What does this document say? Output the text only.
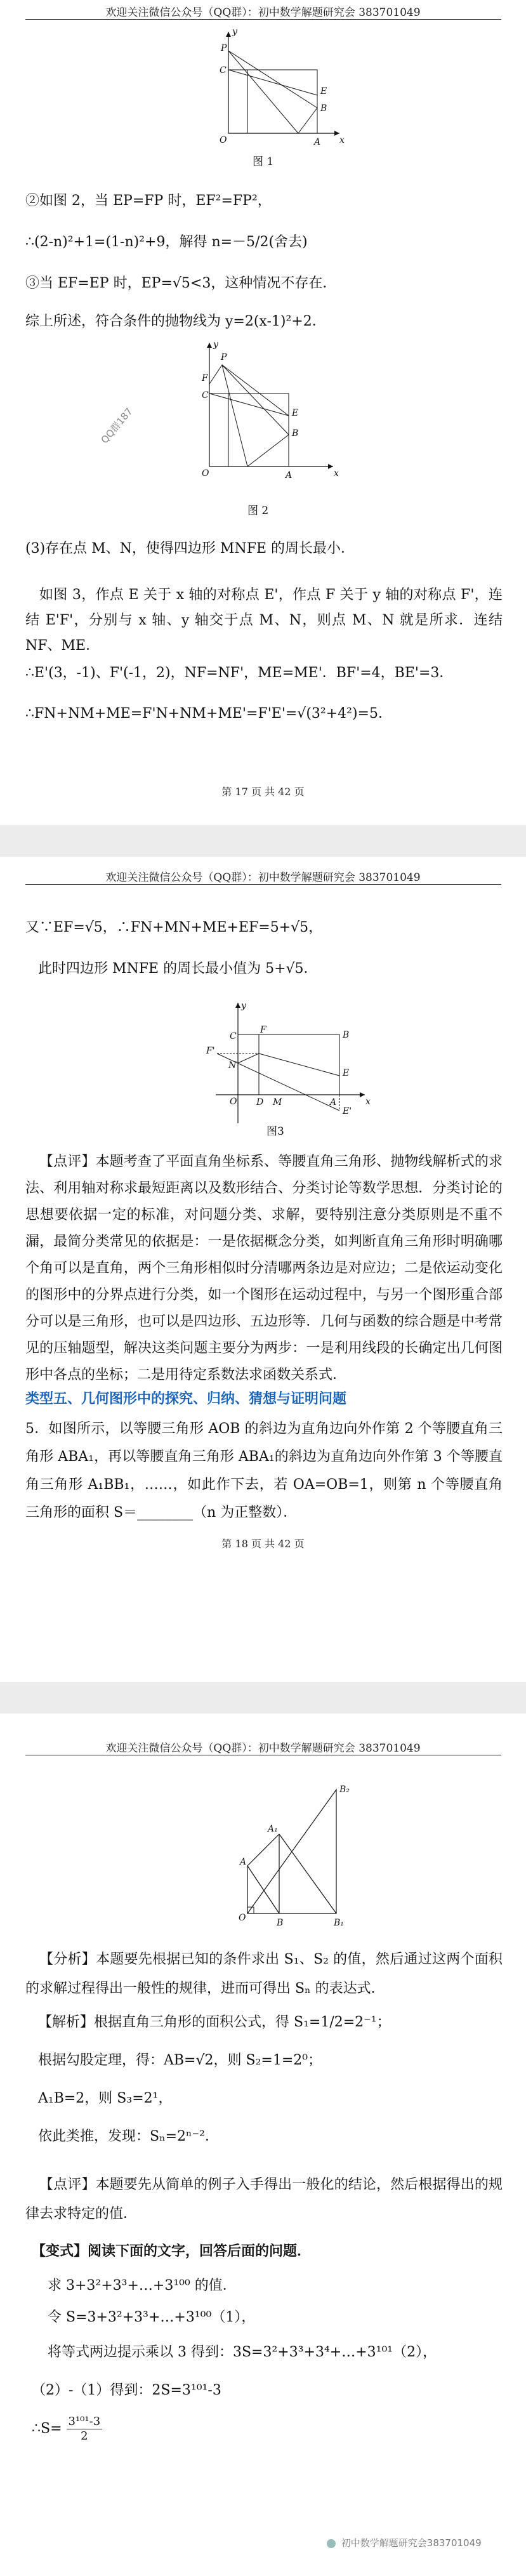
欢迎关注微信公众号（QQ群）：初中数学解题研究会 383701049
P
C
E
B
O	A x
y
图 1
②如图 2，当 EP=FP 时，EF²=FP²，
∴(2-n)²+1=(1-n)²+9，解得 n=－5/2(舍去)
③当 EF=EP 时，EP=√5<3，这种情况不存在．
综上所述，符合条件的抛物线为 y=2(x-1)²+2．
y
P
F
C
E
B
O	A	x
QQ群187
图 2
(3)存在点 M、N，使得四边形 MNFE 的周长最小．
如图 3，作点 E 关于 x 轴的对称点 E'，作点 F 关于 y 轴的对称点 F'，连结 E'F'，分别与 x 轴、y 轴交于点 M、N，则点 M、N 就是所求．连结 NF、ME．
∴E'(3，-1)、F'(-1，2)，NF=NF'，ME=ME'．BF'=4，BE'=3．
∴FN+NM+ME=F'N+NM+ME'=F'E'=√(3²+4²)=5．
第 17 页 共 42 页
欢迎关注微信公众号（QQ群）：初中数学解题研究会 383701049
又∵EF=√5，∴FN+MN+ME+EF=5+√5，
此时四边形 MNFE 的周长最小值为 5+√5．
y
F'
F
C
N
E
B
O D M	A
E'
x
图3
【点评】本题考查了平面直角坐标系、等腰直角三角形、抛物线解析式的求法、利用轴对称求最短距离以及数形结合、分类讨论等数学思想．分类讨论的思想要依据一定的标准，对问题分类、求解，要特别注意分类原则是不重不漏，最简分类常见的依据是：一是依据概念分类，如判断直角三角形时明确哪个角可以是直角，两个三角形相似时分清哪两条边是对应边；二是依运动变化的图形中的分界点进行分类，如一个图形在运动过程中，与另一个图形重合部分可以是三角形，也可以是四边形、五边形等．几何与函数的综合题是中考常见的压轴题型，解决这类问题主要分为两步：一是利用线段的长确定出几何图形中各点的坐标；二是用待定系数法求函数关系式．
类型五、几何图形中的探究、归纳、猜想与证明问题
5．如图所示，以等腰三角形 AOB 的斜边为直角边向外作第 2 个等腰直角三角形 ABA₁，再以等腰直角三角形 ABA₁的斜边为直角边向外作第 3 个等腰直角三角形 A₁BB₁，……，如此作下去，若 OA=OB=1，则第 n 个等腰直角三角形的面积 S＝________（n 为正整数）．
第 18 页 共 42 页
欢迎关注微信公众号（QQ群）：初中数学解题研究会 383701049
B₂
A₁
A
O	B	B₁
【分析】本题要先根据已知的条件求出 S₁、S₂ 的值，然后通过这两个面积的求解过程得出一般性的规律，进而可得出 Sₙ 的表达式．
【解析】根据直角三角形的面积公式，得 S₁=1/2=2⁻¹；
根据勾股定理，得：AB=√2，则 S₂=1=2⁰；
A₁B=2，则 S₃=2¹，
依此类推，发现：Sₙ=2ⁿ⁻²．
【点评】本题要先从简单的例子入手得出一般化的结论，然后根据得出的规律去求特定的值．
【变式】阅读下面的文字，回答后面的问题．
求 3+3²+3³+…+3¹⁰⁰ 的值．
令 S=3+3²+3³+…+3¹⁰⁰（1），
将等式两边提示乘以 3 得到：3S=3²+3³+3⁴+…+3¹⁰¹（2），
（2）-（1）得到：2S=3¹⁰¹-3
∴S= $\frac{\text{3¹⁰¹-3}}{2}$
初中数学解题研究会383701049
